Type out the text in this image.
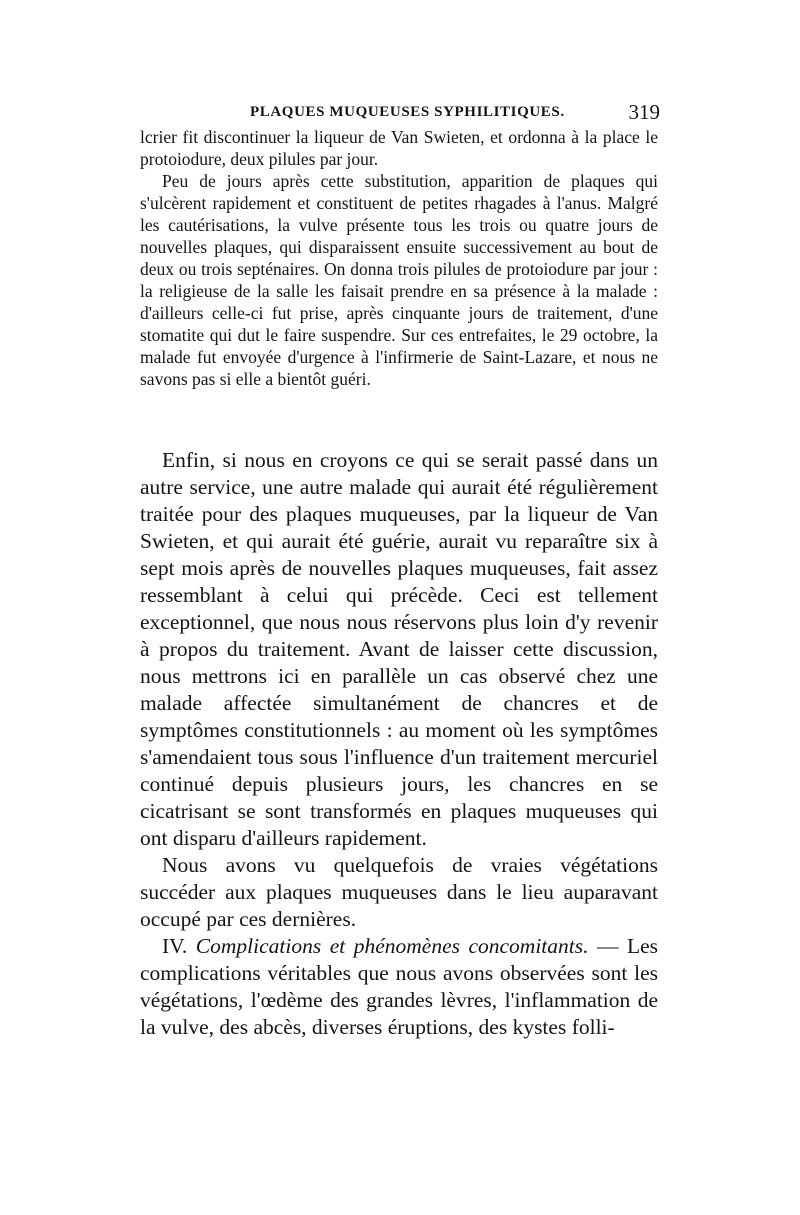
PLAQUES MUQUEUSES SYPHILITIQUES.	319

lcrier fit discontinuer la liqueur de Van Swieten, et ordonna à la place le protoiodure, deux pilules par jour.

Peu de jours après cette substitution, apparition de plaques qui s'ulcèrent rapidement et constituent de petites rhagades à l'anus. Malgré les cautérisations, la vulve présente tous les trois ou quatre jours de nouvelles plaques, qui disparaissent ensuite successivement au bout de deux ou trois septénaires. On donna trois pilules de protoiodure par jour : la religieuse de la salle les faisait prendre en sa présence à la malade : d'ailleurs celle-ci fut prise, après cinquante jours de traitement, d'une stomatite qui dut le faire suspendre. Sur ces entrefaites, le 29 octobre, la malade fut envoyée d'urgence à l'infirmerie de Saint-Lazare, et nous ne savons pas si elle a bientôt guéri.

Enfin, si nous en croyons ce qui se serait passé dans un autre service, une autre malade qui aurait été régulièrement traitée pour des plaques muqueuses, par la liqueur de Van Swieten, et qui aurait été guérie, aurait vu reparaître six à sept mois après de nouvelles plaques muqueuses, fait assez ressemblant à celui qui précède. Ceci est tellement exceptionnel, que nous nous réservons plus loin d'y revenir à propos du traitement. Avant de laisser cette discussion, nous mettrons ici en parallèle un cas observé chez une malade affectée simultanément de chancres et de symptômes constitutionnels : au moment où les symptômes s'amendaient tous sous l'influence d'un traitement mercuriel continué depuis plusieurs jours, les chancres en se cicatrisant se sont transformés en plaques muqueuses qui ont disparu d'ailleurs rapidement.

Nous avons vu quelquefois de vraies végétations succéder aux plaques muqueuses dans le lieu auparavant occupé par ces dernières.

IV. Complications et phénomènes concomitants. — Les complications véritables que nous avons observées sont les végétations, l'œdème des grandes lèvres, l'inflammation de la vulve, des abcès, diverses éruptions, des kystes folli-
